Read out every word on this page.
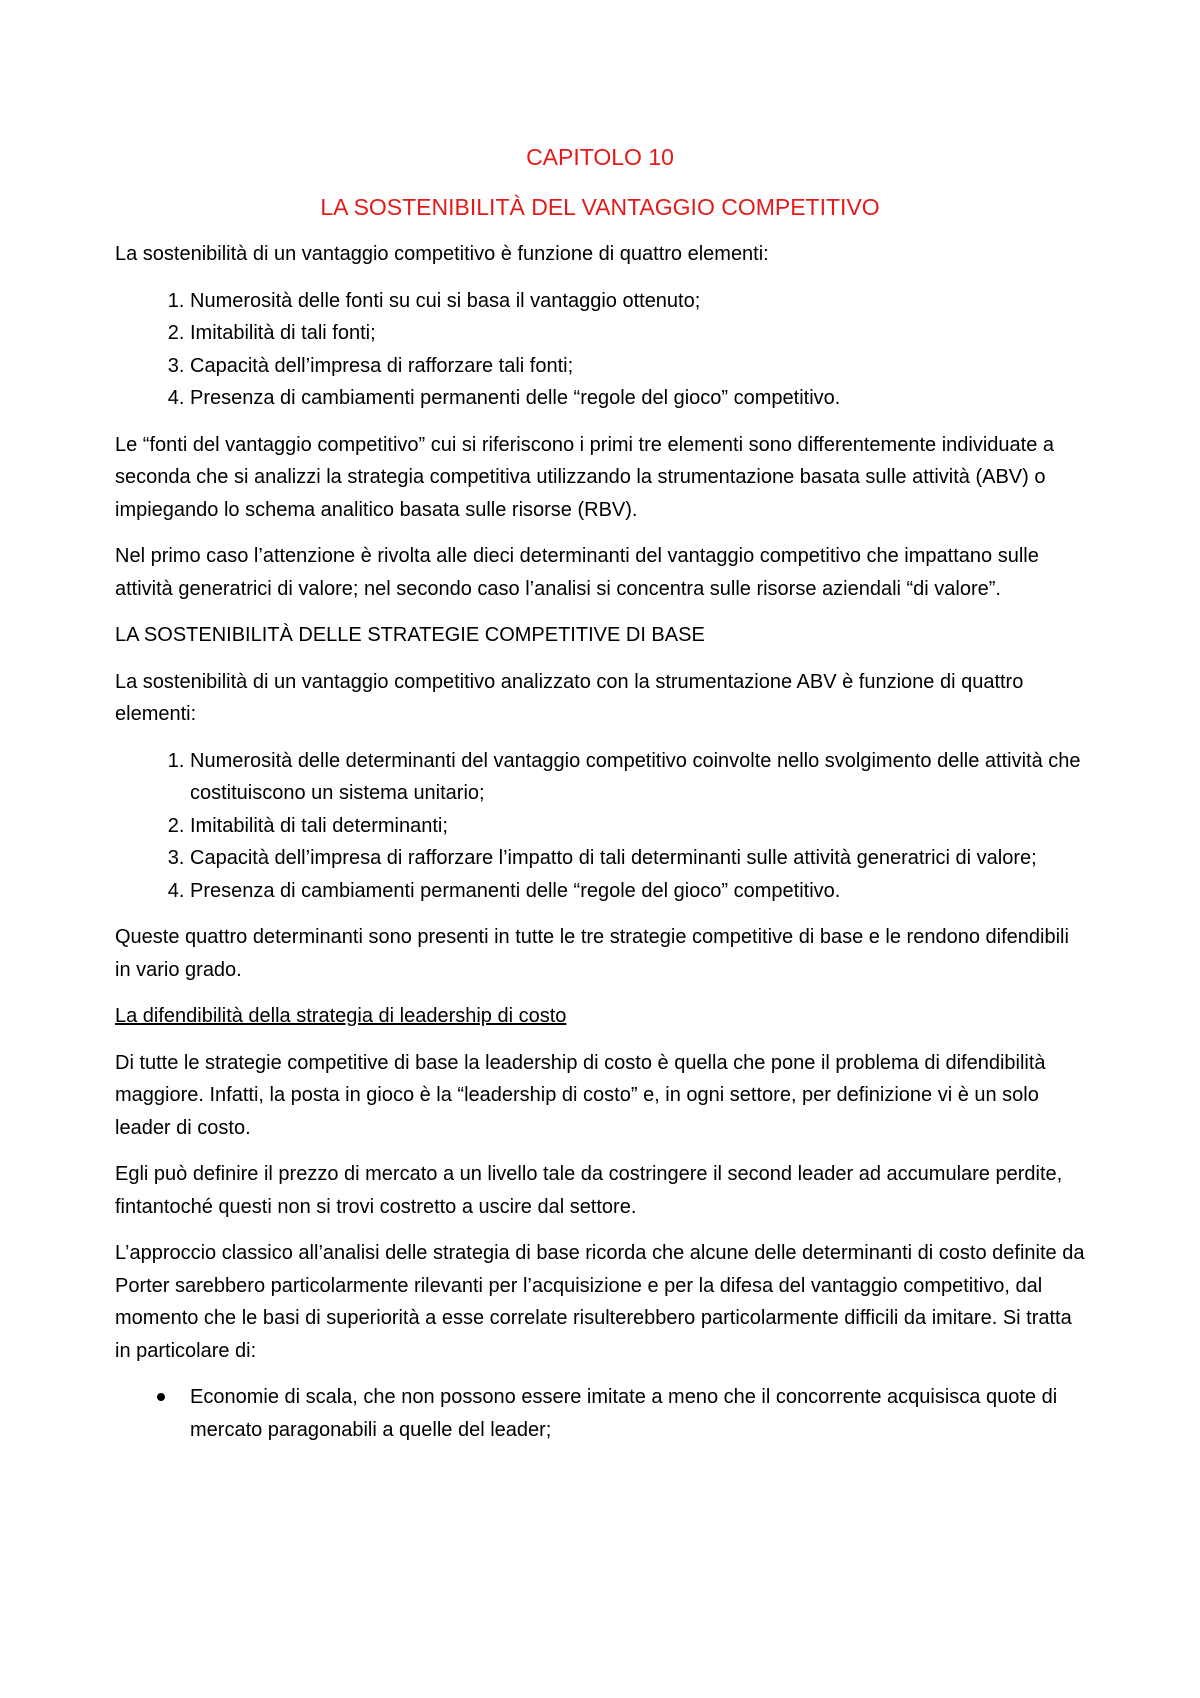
CAPITOLO 10
LA SOSTENIBILITÀ DEL VANTAGGIO COMPETITIVO

La sostenibilità di un vantaggio competitivo è funzione di quattro elementi:

1. Numerosità delle fonti su cui si basa il vantaggio ottenuto;
2. Imitabilità di tali fonti;
3. Capacità dell’impresa di rafforzare tali fonti;
4. Presenza di cambiamenti permanenti delle “regole del gioco” competitivo.

Le “fonti del vantaggio competitivo” cui si riferiscono i primi tre elementi sono differentemente individuate a seconda che si analizzi la strategia competitiva utilizzando la strumentazione basata sulle attività (ABV) o impiegando lo schema analitico basata sulle risorse (RBV).

Nel primo caso l’attenzione è rivolta alle dieci determinanti del vantaggio competitivo che impattano sulle attività generatrici di valore; nel secondo caso l’analisi si concentra sulle risorse aziendali “di valore”.

LA SOSTENIBILITÀ DELLE STRATEGIE COMPETITIVE DI BASE

La sostenibilità di un vantaggio competitivo analizzato con la strumentazione ABV è funzione di quattro elementi:

1. Numerosità delle determinanti del vantaggio competitivo coinvolte nello svolgimento delle attività che costituiscono un sistema unitario;
2. Imitabilità di tali determinanti;
3. Capacità dell’impresa di rafforzare l’impatto di tali determinanti sulle attività generatrici di valore;
4. Presenza di cambiamenti permanenti delle “regole del gioco” competitivo.

Queste quattro determinanti sono presenti in tutte le tre strategie competitive di base e le rendono difendibili in vario grado.

La difendibilità della strategia di leadership di costo

Di tutte le strategie competitive di base la leadership di costo è quella che pone il problema di difendibilità maggiore. Infatti, la posta in gioco è la “leadership di costo” e, in ogni settore, per definizione vi è un solo leader di costo.

Egli può definire il prezzo di mercato a un livello tale da costringere il second leader ad accumulare perdite, fintantoché questi non si trovi costretto a uscire dal settore.

L’approccio classico all’analisi delle strategia di base ricorda che alcune delle determinanti di costo definite da Porter sarebbero particolarmente rilevanti per l’acquisizione e per la difesa del vantaggio competitivo, dal momento che le basi di superiorità a esse correlate risulterebbero particolarmente difficili da imitare. Si tratta in particolare di:

Economie di scala, che non possono essere imitate a meno che il concorrente acquisisca quote di mercato paragonabili a quelle del leader;
